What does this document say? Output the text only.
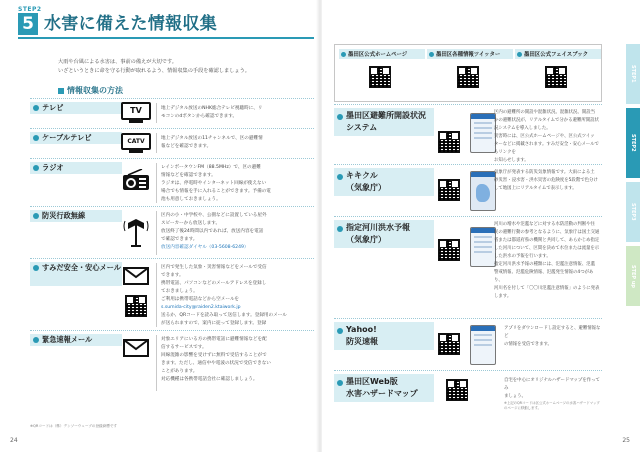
STEP2
5 水害に備えた情報収集
大雨や台風による水害は、事前の備えが大切です。
いざというときに命を守る行動が取れるよう、情報収集の手段を確認しましょう。
情報収集の方法
テレビ	TV	地上デジタル放送のNHK総合テレビ視聴時に、リ
モコンのdボタンから確認できます。
ケーブルテレビ	CATV	地上デジタル放送の11チャンネルで、区の避難情
報などを確認できます。
ラジオ	レインボータウンFM（88.5MHz）で、区の避難
情報などを確認できます。
ラジオは、停電時やインターネット回線が使えない
場合でも情報を手に入れることができます。予備の電
池も用意しておきましょう。
防災行政無線	区内の小・中学校や、公園などに設置している屋外
スピーカーから放送します。
放送終了後24時間以内であれば、放送内容を電話
で確認できます。
放送内容確認ダイヤル（03-5608-6249）
すみだ安全・安心メール	区内で発生した気象・災害情報などをメールで受信
できます。
携帯電話、パソコンなどのメールアドレスを登録し
ておきましょう。
ご利用は携帯電話などから空メールを
s.sumida-city@raiden2.ktaiwork.jp
送るか、QRコードを読み取って送信します。登録用のメール
が送られますので、案内に従って登録します。登録
緊急速報メール	対象エリアにいる方の携帯電話に避難情報などを配
信するサービスです。
回線混雑の影響を受けずに無料で受信することがで
きます。ただし、通信中や電波の状況で受信できない
ことがあります。
対応機種は各携帯電話会社に確認しましょう。
※QRコードは（株）デンソーウェーブの登録商標です
24
墨田区公式ホームページ	墨田区各種情報ツイッター	墨田区公式フェイスブック
墨田区避難所開設状況
システム
区内の避難所の開設や混雑状況、混雑状況、開設当
かの避難状況が、リアルタイムで分かる避難所開設状
況システムを導入しました。
災害時には、区公式ホームページや、区公式ツイッ
ターなどに掲載されます。すみだ安全・安心メールで
もリンクを
お知らせします。
キキクル
（気象庁）
気象庁が発表する防災気象情報です。大雨による土
砂災害・浸水害・洪水災害の危険度を5段階で色分け
して地図上にリアルタイムで表示します。
指定河川洪水予報
（気象庁）
河川の増水や氾濫などに対する水防活動の判断や住
民の避難行動の参考となるように、気象庁は国土交通
省または都道府県の機関と共同して、あらかじめ指定
した河川について、区間を決めて水位または流量を示
した洪水の予報を行います。
指定河川洪水予報の種類には、氾濫注意情報、氾濫
警戒情報、氾濫危険情報、氾濫発生情報の4つがあり、
河川名を付して「〇〇川氾濫注意情報」のように発表
します。
Yahoo!
防災速報
アプリをダウンロードし設定すると、避難情報など
の情報を受信できます。
墨田区Web版
水害ハザードマップ
自宅を中心にオリジナルハザードマップを作ってみ
ましょう。
※上記のQRコードは区公式ホームページの水害ハザードマップのページに移動します。
25
STEP1
STEP2
STEP3
STEP up
